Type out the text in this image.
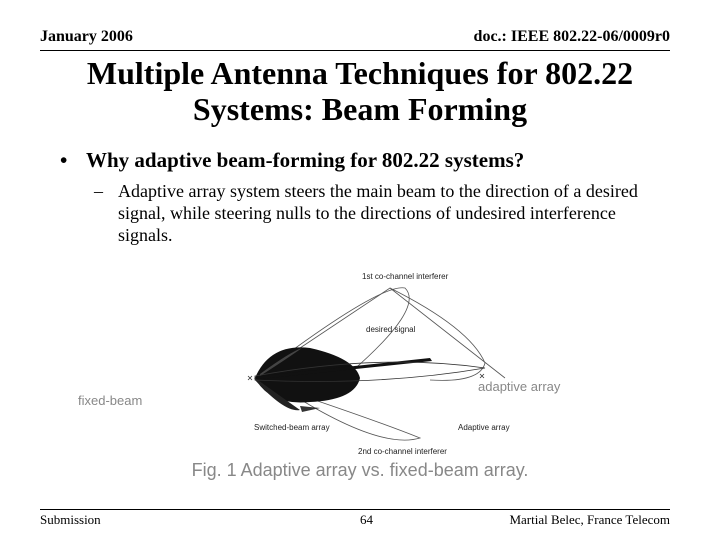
January 2006	doc.: IEEE 802.22-06/0009r0
Multiple Antenna Techniques for 802.22
Systems: Beam Forming
• Why adaptive beam-forming for 802.22 systems?
– Adaptive array system steers the main beam to the direction of a desired signal, while steering nulls to the directions of undesired interference signals.
1st co-channel interferer
desired signal
Switched-beam array	Adaptive array
2nd co-channel interferer
fixed-beam
adaptive array
Fig. 1 Adaptive array vs. fixed-beam array.
Submission	64	Martial Belec, France Telecom
